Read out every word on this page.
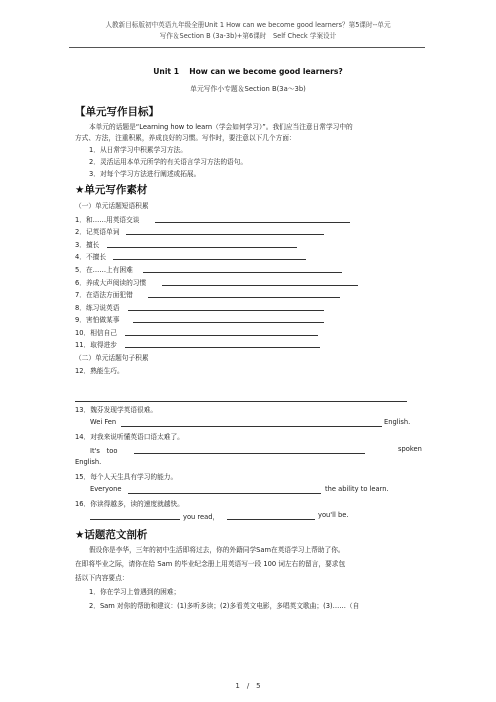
人教新目标版初中英语九年级全册Unit 1 How can we become good learners？第5课时--单元
写作＆Section B (3a-3b)+第6课时　Self Check 学案设计
Unit 1　 How can we become good learners?
单元写作小专题＆Section B(3a～3b)
【单元写作目标】
本单元的话题是“Learning how to learn（学会如何学习）”。我们应当注意日常学习中的
方式、方法，注重积累，养成良好的习惯。写作时，要注意以下几个方面：
1．从日常学习中积累学习方法。
2．灵活运用本单元所学的有关语言学习方法的语句。
3．对每个学习方法进行阐述或拓展。
★单元写作素材
（一）单元话题短语积累
1．和……用英语交谈
2．记英语单词
3．擅长
4．不擅长
5．在……上有困难
6．养成大声阅读的习惯
7．在语法方面犯错
8．练习说英语
9．害怕做某事
10．相信自己
11．取得进步
（二）单元话题句子积累
12．熟能生巧。
13．魏芬发现学英语很难。
Wei Fen	English.
14．对我来说听懂英语口语太难了。
It's　too	spoken
English.
15．每个人天生具有学习的能力。
Everyone	the ability to learn.
16．你读得越多，读的速度就越快。
you read，	you'll be.
★话题范文剖析
假设你是李华，三年的初中生活即将过去，你的外籍同学Sam在英语学习上帮助了你。
在即将毕业之际，请你在给 Sam 的毕业纪念册上用英语写一段 100 词左右的留言，要求包
括以下内容要点：
1．你在学习上曾遇到的困难；
2．Sam 对你的帮助和建议：(1)多听多读；(2)多看英文电影，多唱英文歌曲；(3)……（自
1　/　5
